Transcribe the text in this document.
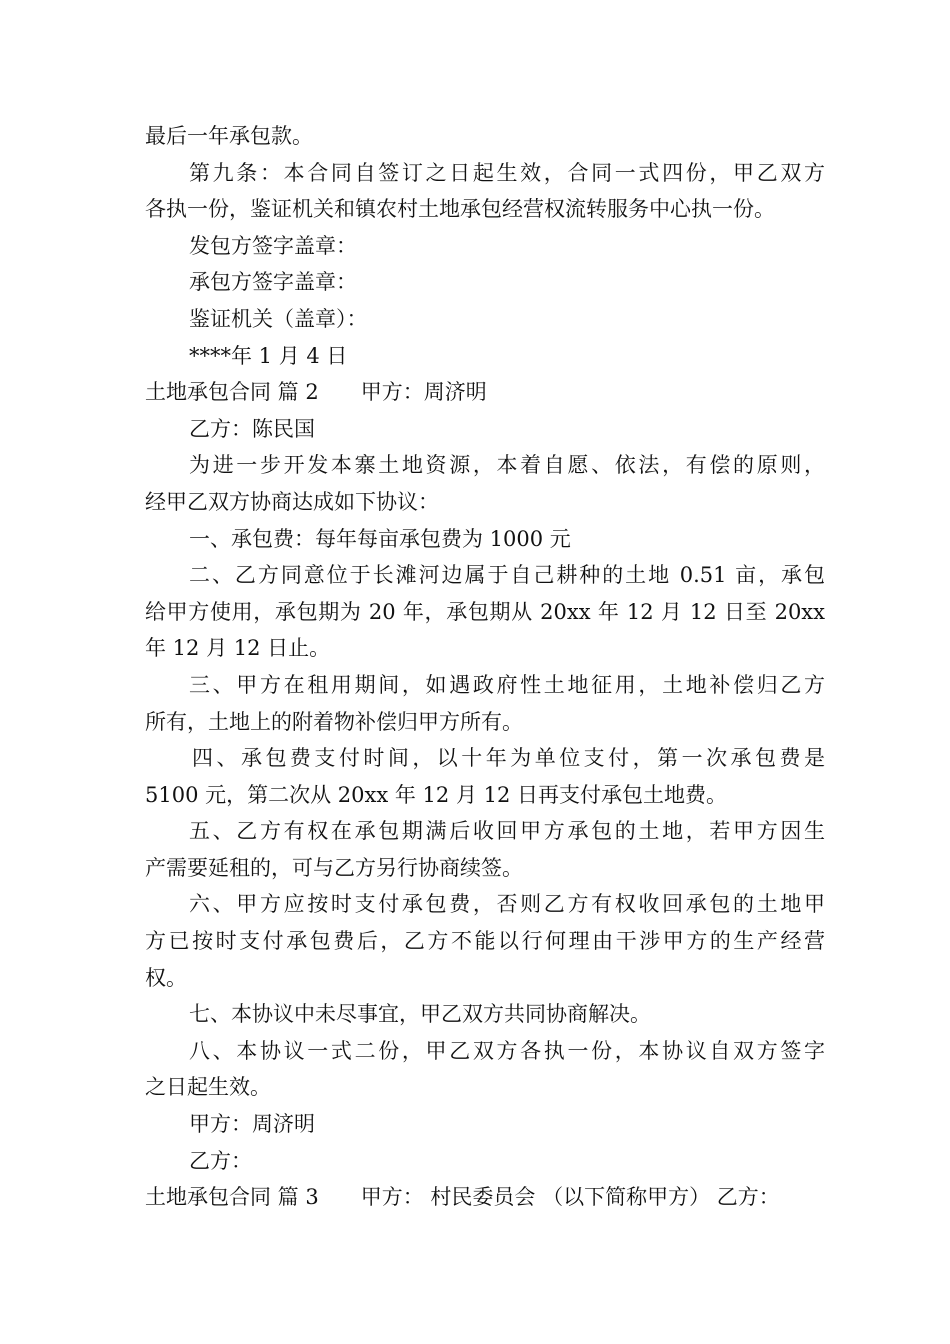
最后一年承包款。
第九条：本合同自签订之日起生效，合同一式四份，甲乙双方
各执一份，鉴证机关和镇农村土地承包经营权流转服务中心执一份。
发包方签字盖章：
承包方签字盖章：
鉴证机关（盖章）：
****年 1 月 4 日
土地承包合同 篇 2 甲方：周济明
乙方：陈民国
为进一步开发本寨土地资源，本着自愿、依法，有偿的原则，
经甲乙双方协商达成如下协议：
一、承包费：每年每亩承包费为 1000 元
二、乙方同意位于长滩河边属于自己耕种的土地 0.51 亩，承包
给甲方使用，承包期为 20 年，承包期从 20xx 年 12 月 12 日至 20xx
年 12 月 12 日止。
三、甲方在租用期间，如遇政府性土地征用，土地补偿归乙方
所有，土地上的附着物补偿归甲方所有。
四、承包费支付时间，以十年为单位支付，第一次承包费是
5100 元，第二次从 20xx 年 12 月 12 日再支付承包土地费。
五、乙方有权在承包期满后收回甲方承包的土地，若甲方因生
产需要延租的，可与乙方另行协商续签。
六、甲方应按时支付承包费，否则乙方有权收回承包的土地甲
方已按时支付承包费后，乙方不能以行何理由干涉甲方的生产经营
权。
七、本协议中未尽事宜，甲乙双方共同协商解决。
八、本协议一式二份，甲乙双方各执一份，本协议自双方签字
之日起生效。
甲方：周济明
乙方：
土地承包合同 篇 3 甲方： 村民委员会 （以下简称甲方） 乙方：
